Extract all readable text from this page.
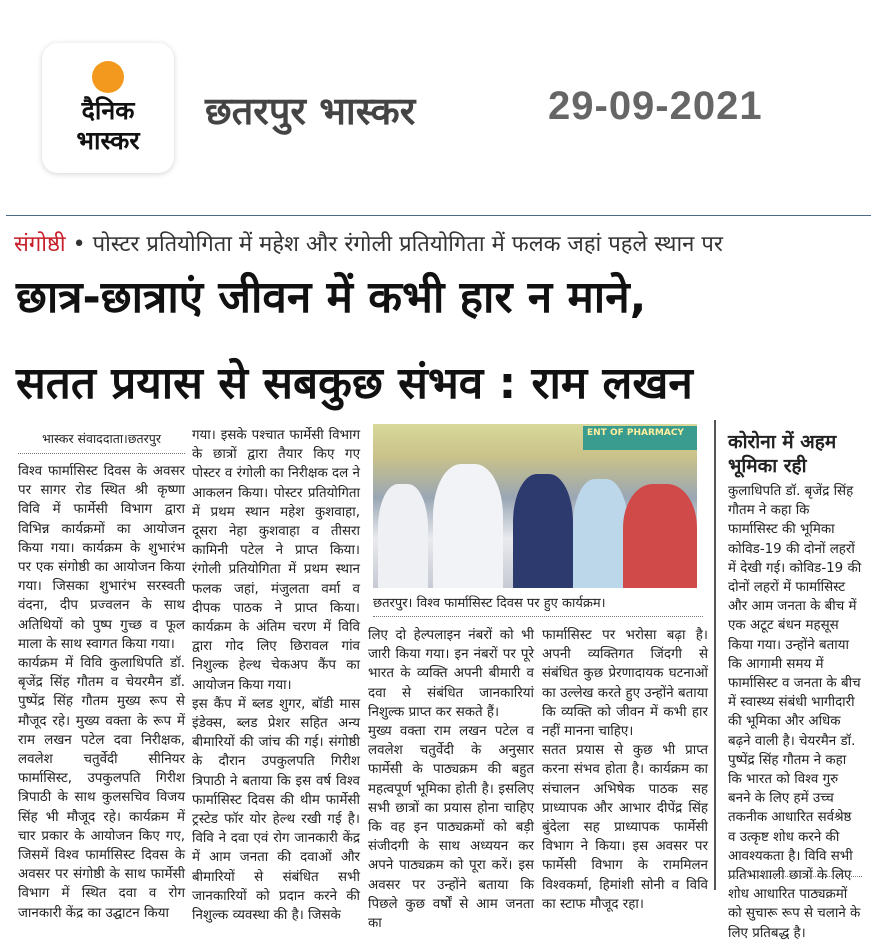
दैनिक
भास्कर
छतरपुर भास्कर	29-09-2021
संगोष्ठी • पोस्टर प्रतियोगिता में महेश और रंगोली प्रतियोगिता में फलक जहां पहले स्थान पर
छात्र-छात्राएं जीवन में कभी हार न माने,
सतत प्रयास से सबकुछ संभव : राम लखन
भास्कर संवाददाता।छतरपुर

विश्व फार्मासिस्ट दिवस के अवसर पर सागर रोड स्थित श्री कृष्णा विवि में फार्मेसी विभाग द्वारा विभिन्न कार्यक्रमों का आयोजन किया गया। कार्यक्रम के शुभारंभ पर एक संगोष्ठी का आयोजन किया गया। जिसका शुभारंभ सरस्वती वंदना, दीप प्रज्वलन के साथ अतिथियों को पुष्प गुच्छ व फूल माला के साथ स्वागत किया गया।

कार्यक्रम में विवि कुलाधिपति डॉ. बृजेंद्र सिंह गौतम व चेयरमैन डॉ. पुष्पेंद्र सिंह गौतम मुख्य रूप से मौजूद रहे। मुख्य वक्ता के रूप में राम लखन पटेल दवा निरीक्षक, लवलेश चतुर्वेदी सीनियर फार्मासिस्ट, उपकुलपति गिरीश त्रिपाठी के साथ कुलसचिव विजय सिंह भी मौजूद रहे। कार्यक्रम में चार प्रकार के आयोजन किए गए, जिसमें विश्व फार्मासिस्ट दिवस के अवसर पर संगोष्ठी के साथ फार्मेसी विभाग में स्थित दवा व रोग जानकारी केंद्र का उद्घाटन किया

गया। इसके पश्चात फार्मेसी विभाग के छात्रों द्वारा तैयार किए गए पोस्टर व रंगोली का निरीक्षक दल ने आकलन किया। पोस्टर प्रतियोगिता में प्रथम स्थान महेश कुशवाहा, दूसरा नेहा कुशवाहा व तीसरा कामिनी पटेल ने प्राप्त किया। रंगोली प्रतियोगिता में प्रथम स्थान फलक जहां, मंजुलता वर्मा व दीपक पाठक ने प्राप्त किया। कार्यक्रम के अंतिम चरण में विवि द्वारा गोद लिए छिरावल गांव निशुल्क हेल्थ चेकअप कैंप का आयोजन किया गया।

इस कैंप में ब्लड शुगर, बॉडी मास इंडेक्स, ब्लड प्रेशर सहित अन्य बीमारियों की जांच की गई। संगोष्ठी के दौरान उपकुलपति गिरीश त्रिपाठी ने बताया कि इस वर्ष विश्व फार्मासिस्ट दिवस की थीम फार्मेसी ट्रस्टेड फॉर योर हेल्थ रखी गई है। विवि ने दवा एवं रोग जानकारी केंद्र में आम जनता की दवाओं और बीमारियों से संबंधित सभी जानकारियों को प्रदान करने की निशुल्क व्यवस्था की है। जिसके

ENT OF PHARMACY
छतरपुर। विश्व फार्मासिस्ट दिवस पर हुए कार्यक्रम।

लिए दो हेल्पलाइन नंबरों को भी जारी किया गया। इन नंबरों पर पूरे भारत के व्यक्ति अपनी बीमारी व दवा से संबंधित जानकारियां निशुल्क प्राप्त कर सकते हैं।

मुख्य वक्ता राम लखन पटेल व लवलेश चतुर्वेदी के अनुसार फार्मेसी के पाठ्यक्रम की बहुत महत्वपूर्ण भूमिका होती है। इसलिए सभी छात्रों का प्रयास होना चाहिए कि वह इन पाठ्यक्रमों को बड़ी संजीदगी के साथ अध्ययन कर अपने पाठ्यक्रम को पूरा करें। इस अवसर पर उन्होंने बताया कि पिछले कुछ वर्षों से आम जनता का

फार्मासिस्ट पर भरोसा बढ़ा है। अपनी व्यक्तिगत जिंदगी से संबंधित कुछ प्रेरणादायक घटनाओं का उल्लेख करते हुए उन्होंने बताया कि व्यक्ति को जीवन में कभी हार नहीं मानना चाहिए।

सतत प्रयास से कुछ भी प्राप्त करना संभव होता है। कार्यक्रम का संचालन अभिषेक पाठक सह प्राध्यापक और आभार दीपेंद्र सिंह बुंदेला सह प्राध्यापक फार्मेसी विभाग ने किया। इस अवसर पर फार्मेसी विभाग के राममिलन विश्वकर्मा, हिमांशी सोनी व विवि का स्टाफ मौजूद रहा।

कोरोना में अहम भूमिका रही
कुलाधिपति डॉ. बृजेंद्र सिंह गौतम ने कहा कि फार्मासिस्ट की भूमिका कोविड-19 की दोनों लहरों में देखी गई। कोविड-19 की दोनों लहरों में फार्मासिस्ट और आम जनता के बीच में एक अटूट बंधन महसूस किया गया। उन्होंने बताया कि आगामी समय में फार्मासिस्ट व जनता के बीच में स्वास्थ्य संबंधी भागीदारी की भूमिका और अधिक बढ़ने वाली है। चेयरमैन डॉ. पुष्पेंद्र सिंह गौतम ने कहा कि भारत को विश्व गुरु बनने के लिए हमें उच्च तकनीक आधारित सर्वश्रेष्ठ व उत्कृष्ट शोध करने की आवश्यकता है। विवि सभी प्रतिभाशाली छात्रों के लिए शोध आधारित पाठ्यक्रमों को सुचारू रूप से चलाने के लिए प्रतिबद्ध है।
